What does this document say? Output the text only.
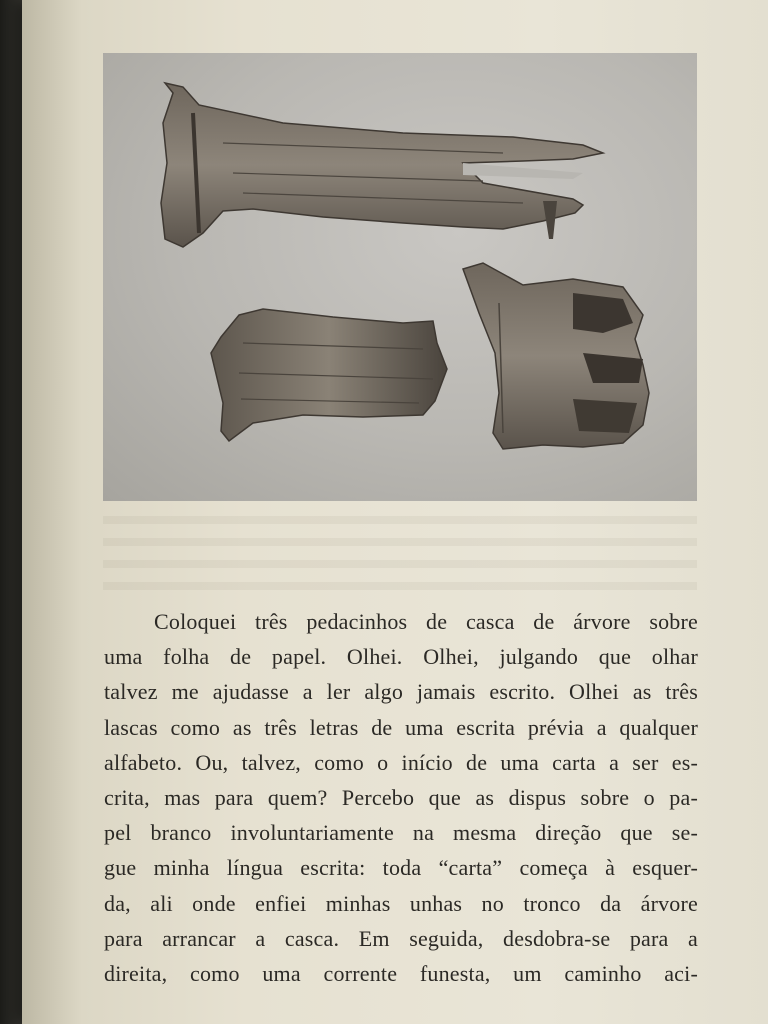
Coloquei três pedacinhos de casca de árvore sobre
uma folha de papel. Olhei. Olhei, julgando que olhar
talvez me ajudasse a ler algo jamais escrito. Olhei as três
lascas como as três letras de uma escrita prévia a qualquer
alfabeto. Ou, talvez, como o início de uma carta a ser es-
crita, mas para quem? Percebo que as dispus sobre o pa-
pel branco involuntariamente na mesma direção que se-
gue minha língua escrita: toda “carta” começa à esquer-
da, ali onde enfiei minhas unhas no tronco da árvore
para arrancar a casca. Em seguida, desdobra-se para a
direita, como uma corrente funesta, um caminho aci-
